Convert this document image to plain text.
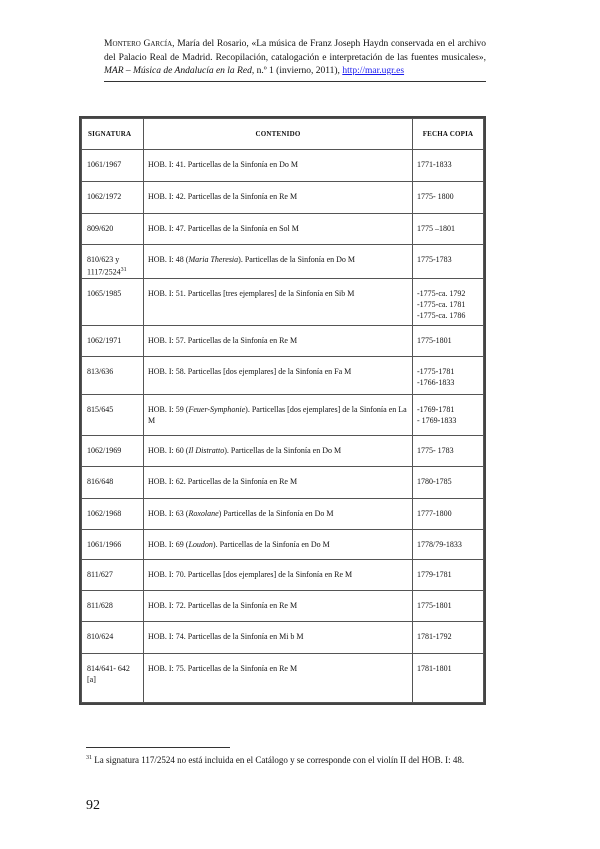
Montero García, María del Rosario, «La música de Franz Joseph Haydn conservada en el archivo del Palacio Real de Madrid. Recopilación, catalogación e interpretación de las fuentes musicales», MAR – Música de Andalucía en la Red, n.º 1 (invierno, 2011), http://mar.ugr.es
SIGNATURA	CONTENIDO	FECHA COPIA

1061/1967	HOB. I: 41. Particellas de la Sinfonía en Do M	1771-1833

1062/1972	HOB. I: 42. Particellas de la Sinfonía en Re M	1775- 1800

809/620	HOB. I: 47. Particellas de la Sinfonía en Sol M	1775 –1801

810/623 y 1117/2524$^{31}$	HOB. I: 48 (Maria Theresia). Particellas de la Sinfonía en Do M	1775-1783

1065/1985	HOB. I: 51. Particellas [tres ejemplares] de la Sinfonía en Sib M	-1775-ca. 1792
-1775-ca. 1781
-1775-ca. 1786

1062/1971	HOB. I: 57. Particellas de la Sinfonía en Re M	1775-1801

813/636	HOB. I: 58. Particellas [dos ejemplares] de la Sinfonía en Fa M	-1775-1781
-1766-1833

815/645	HOB. I: 59 (Feuer-Symphonie). Particellas [dos ejemplares] de la Sinfonía en La M	-1769-1781
- 1769-1833

1062/1969	HOB. I: 60 (Il Distratto). Particellas de la Sinfonía en Do M	1775- 1783

816/648	HOB. I: 62. Particellas de la Sinfonía en Re M	1780-1785

1062/1968	HOB. I: 63 (Roxolane) Particellas de la Sinfonía en Do M	1777-1800

1061/1966	HOB. I: 69 (Loudon). Particellas de la Sinfonía en Do M	1778/79-1833

811/627	HOB. I: 70. Particellas [dos ejemplares] de la Sinfonía en Re M	1779-1781

811/628	HOB. I: 72. Particellas de la Sinfonía en Re M	1775-1801

810/624	HOB. I: 74. Particellas de la Sinfonía en Mi b M	1781-1792

814/641- 642 [a]	HOB. I: 75. Particellas de la Sinfonía en Re M	1781-1801
$^{31}$ La signatura 117/2524 no está incluida en el Catálogo y se corresponde con el violín II del HOB. I: 48.
92
